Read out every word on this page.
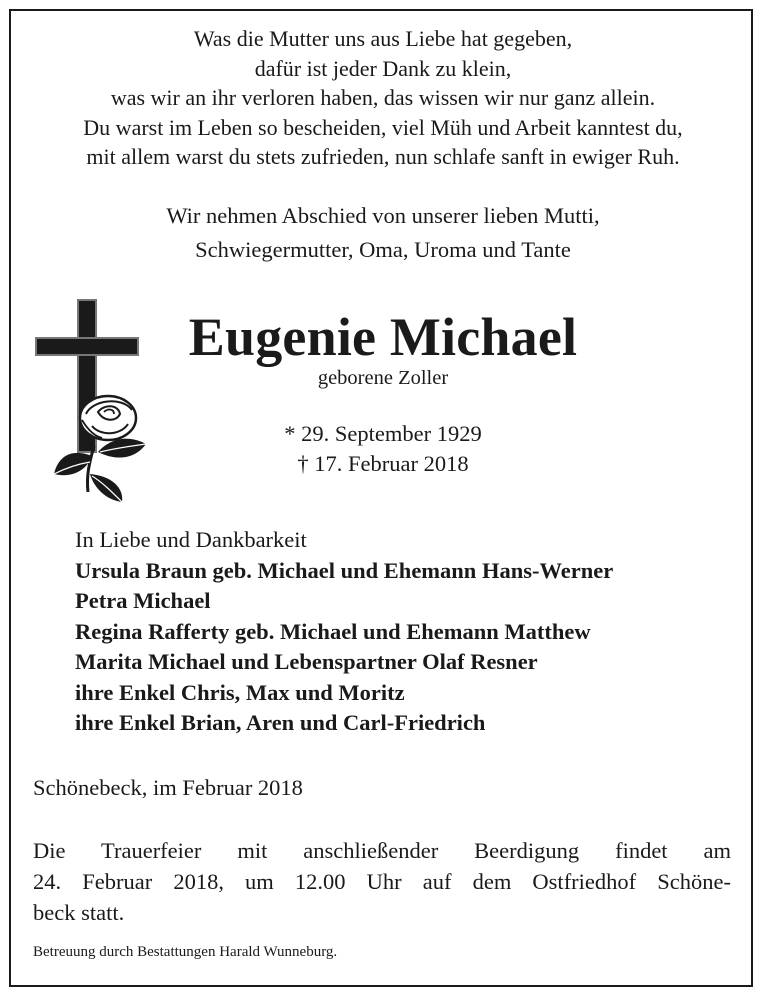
Was die Mutter uns aus Liebe hat gegeben,
dafür ist jeder Dank zu klein,
was wir an ihr verloren haben, das wissen wir nur ganz allein.
Du warst im Leben so bescheiden, viel Müh und Arbeit kanntest du,
mit allem warst du stets zufrieden, nun schlafe sanft in ewiger Ruh.
Wir nehmen Abschied von unserer lieben Mutti,
Schwiegermutter, Oma, Uroma und Tante
Eugenie Michael
geborene Zoller
* 29. September 1929
† 17. Februar 2018
In Liebe und Dankbarkeit
Ursula Braun geb. Michael und Ehemann Hans-Werner
Petra Michael
Regina Rafferty geb. Michael und Ehemann Matthew
Marita Michael und Lebenspartner Olaf Resner
ihre Enkel Chris, Max und Moritz
ihre Enkel Brian, Aren und Carl-Friedrich
Schönebeck, im Februar 2018
Die Trauerfeier mit anschließender Beerdigung findet am
24. Februar 2018, um 12.00 Uhr auf dem Ostfriedhof Schöne-
beck statt.
Betreuung durch Bestattungen Harald Wunneburg.
